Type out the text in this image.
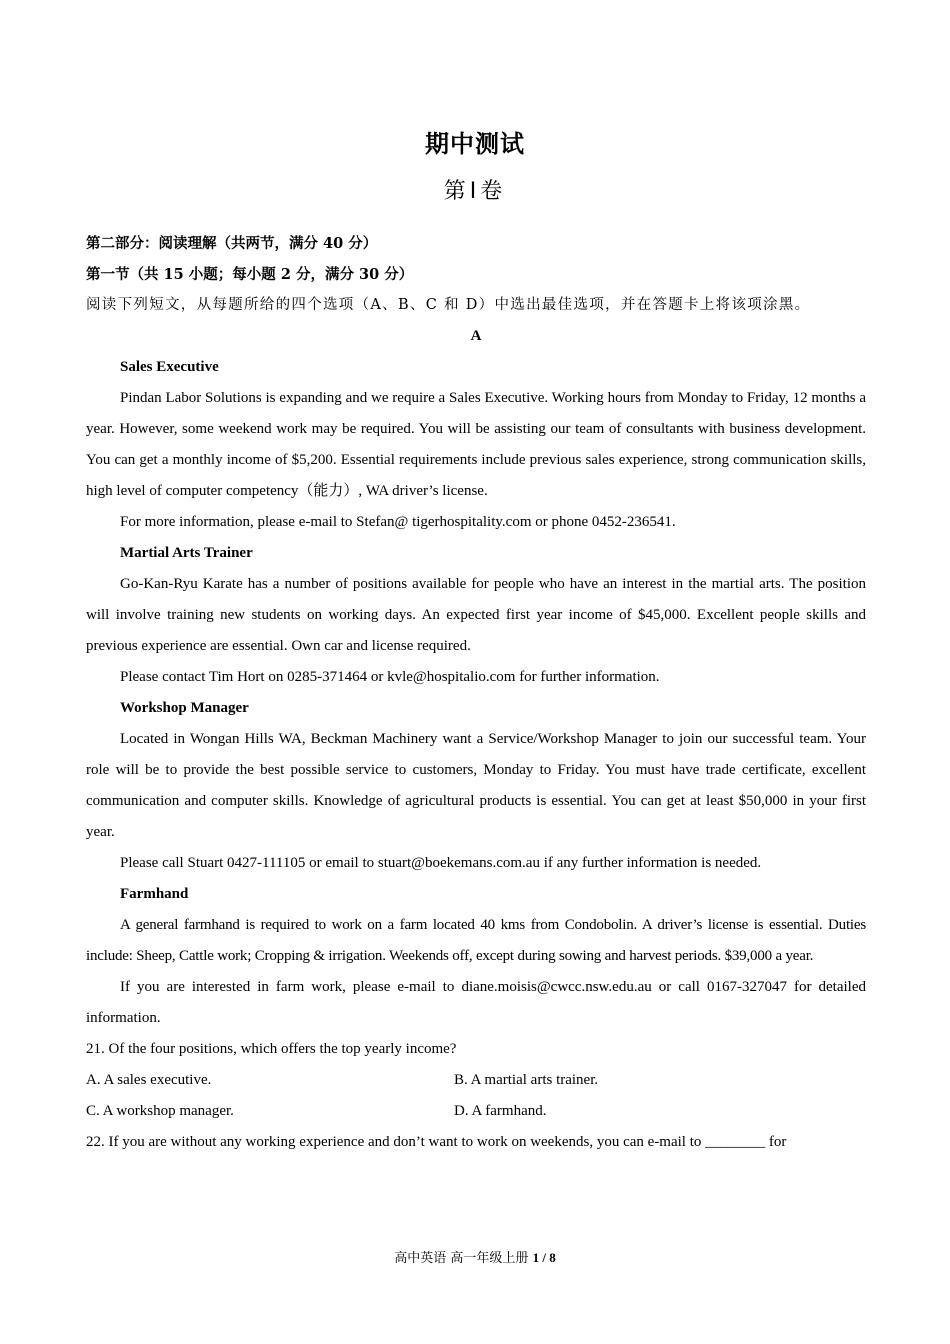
期中测试
第Ⅰ卷

第二部分：阅读理解（共两节，满分 40 分）

第一节（共 15 小题；每小题 2 分，满分 30 分）

阅读下列短文，从每题所给的四个选项（A、B、C 和 D）中选出最佳选项，并在答题卡上将该项涂黑。

A

Sales Executive

Pindan Labor Solutions is expanding and we require a Sales Executive. Working hours from Monday to Friday, 12 months a year. However, some weekend work may be required. You will be assisting our team of consultants with business development. You can get a monthly income of $5,200. Essential requirements include previous sales experience, strong communication skills, high level of computer competency（能力）, WA driver’s license.

For more information, please e-mail to Stefan@ tigerhospitality.com or phone 0452-236541.

Martial Arts Trainer

Go-Kan-Ryu Karate has a number of positions available for people who have an interest in the martial arts. The position will involve training new students on working days. An expected first year income of $45,000. Excellent people skills and previous experience are essential. Own car and license required.

Please contact Tim Hort on 0285-371464 or kvle@hospitalio.com for further information.

Workshop Manager

Located in Wongan Hills WA, Beckman Machinery want a Service/Workshop Manager to join our successful team. Your role will be to provide the best possible service to customers, Monday to Friday. You must have trade certificate, excellent communication and computer skills. Knowledge of agricultural products is essential. You can get at least $50,000 in your first year.

Please call Stuart 0427-111105 or email to stuart@boekemans.com.au if any further information is needed.

Farmhand

A general farmhand is required to work on a farm located 40 kms from Condobolin. A driver’s license is essential. Duties include: Sheep, Cattle work; Cropping & irrigation. Weekends off, except during sowing and harvest periods. $39,000 a year.

If you are interested in farm work, please e-mail to diane.moisis@cwcc.nsw.edu.au or call 0167-327047 for detailed information.

21. Of the four positions, which offers the top yearly income?

A. A sales executive.	B. A martial arts trainer.
C. A workshop manager.	D. A farmhand.

22. If you are without any working experience and don’t want to work on weekends, you can e-mail to ________ for

高中英语 高一年级上册 1 / 8
